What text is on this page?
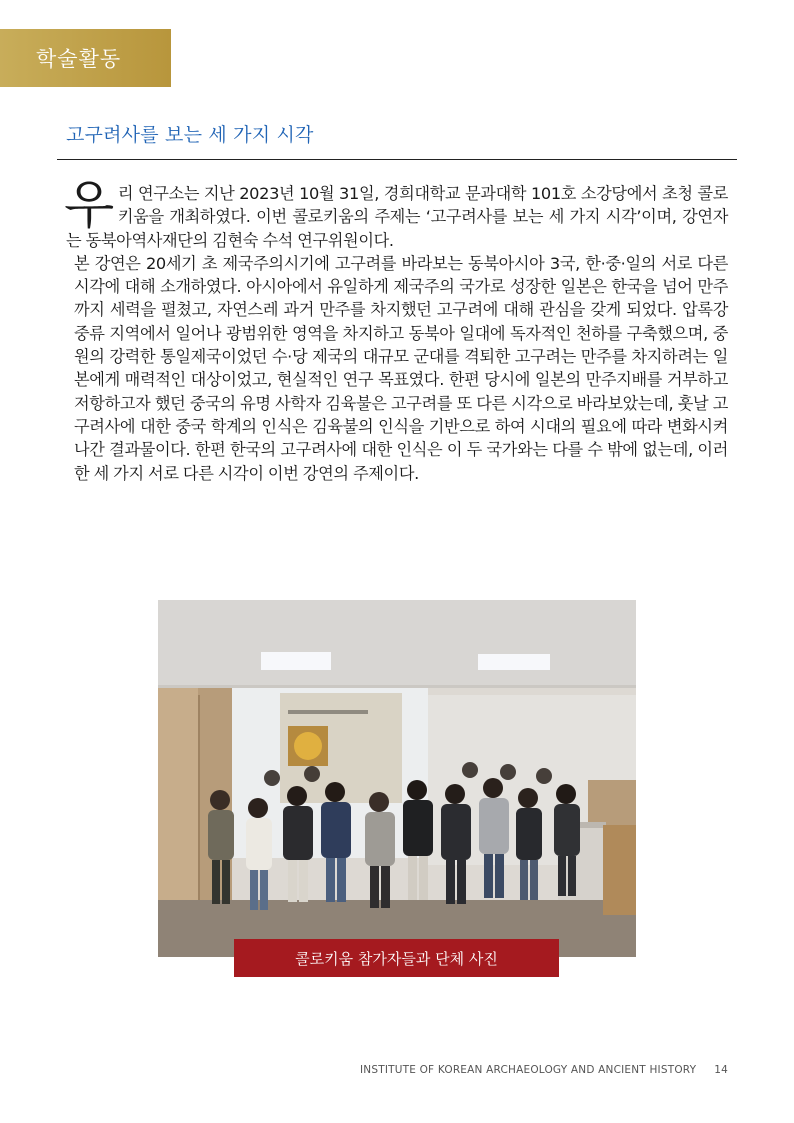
학술활동
고구려사를 보는 세 가지 시각

우리 연구소는 지난 2023년 10월 31일, 경희대학교 문과대학 101호 소강당에서 초청 콜로키움을 개최하였다. 이번 콜로키움의 주제는 ‘고구려사를 보는 세 가지 시각’이며, 강연자는 동북아역사재단의 김현숙 수석 연구위원이다.

본 강연은 20세기 초 제국주의시기에 고구려를 바라보는 동북아시아 3국, 한·중·일의 서로 다른 시각에 대해 소개하였다. 아시아에서 유일하게 제국주의 국가로 성장한 일본은 한국을 넘어 만주까지 세력을 펼쳤고, 자연스레 과거 만주를 차지했던 고구려에 대해 관심을 갖게 되었다. 압록강 중류 지역에서 일어나 광범위한 영역을 차지하고 동북아 일대에 독자적인 천하를 구축했으며, 중원의 강력한 통일제국이었던 수·당 제국의 대규모 군대를 격퇴한 고구려는 만주를 차지하려는 일본에게 매력적인 대상이었고, 현실적인 연구 목표였다. 한편 당시에 일본의 만주지배를 거부하고 저항하고자 했던 중국의 유명 사학자 김육불은 고구려를 또 다른 시각으로 바라보았는데, 훗날 고구려사에 대한 중국 학계의 인식은 김육불의 인식을 기반으로 하여 시대의 필요에 따라 변화시켜 나간 결과물이다. 한편 한국의 고구려사에 대한 인식은 이 두 국가와는 다를 수 밖에 없는데, 이러한 세 가지 서로 다른 시각이 이번 강연의 주제이다.

콜로키움 참가자들과 단체 사진
INSTITUTE OF KOREAN ARCHAEOLOGY AND ANCIENT HISTORY 14
